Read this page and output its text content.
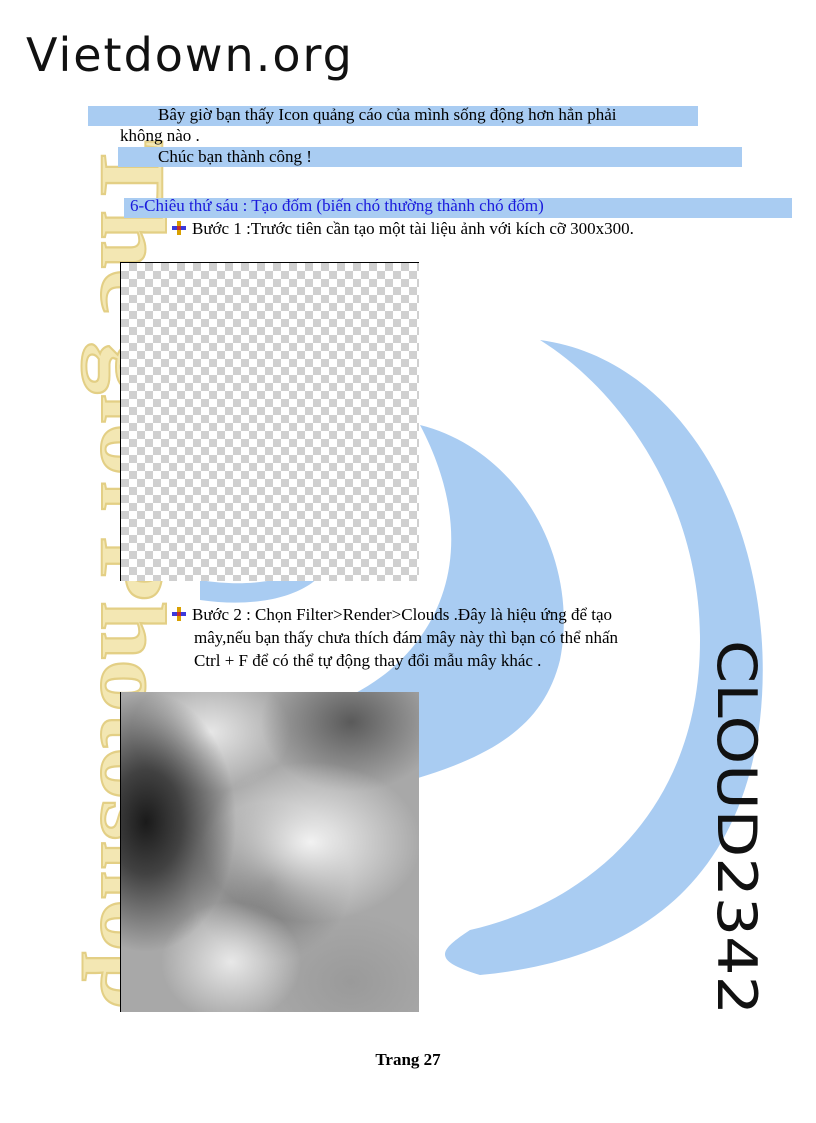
Vietdown.org
CLOUD2342
Bây giờ bạn thấy Icon quảng cáo của mình sống động hơn hẳn phải
không nào .
Chúc bạn thành công !
6-Chiêu thứ sáu : Tạo đốm (biến chó thường thành chó đốm)
Bước 1 :Trước tiên cần tạo một tài liệu ảnh với kích cỡ 300x300.
Bước 2 : Chọn Filter>Render>Clouds .Đây là hiệu ứng để tạo
mây,nếu bạn thấy chưa thích đám mây này thì bạn có thể nhấn
Ctrl + F để có thể tự động thay đổi mẫu mây khác .
Trang 27
